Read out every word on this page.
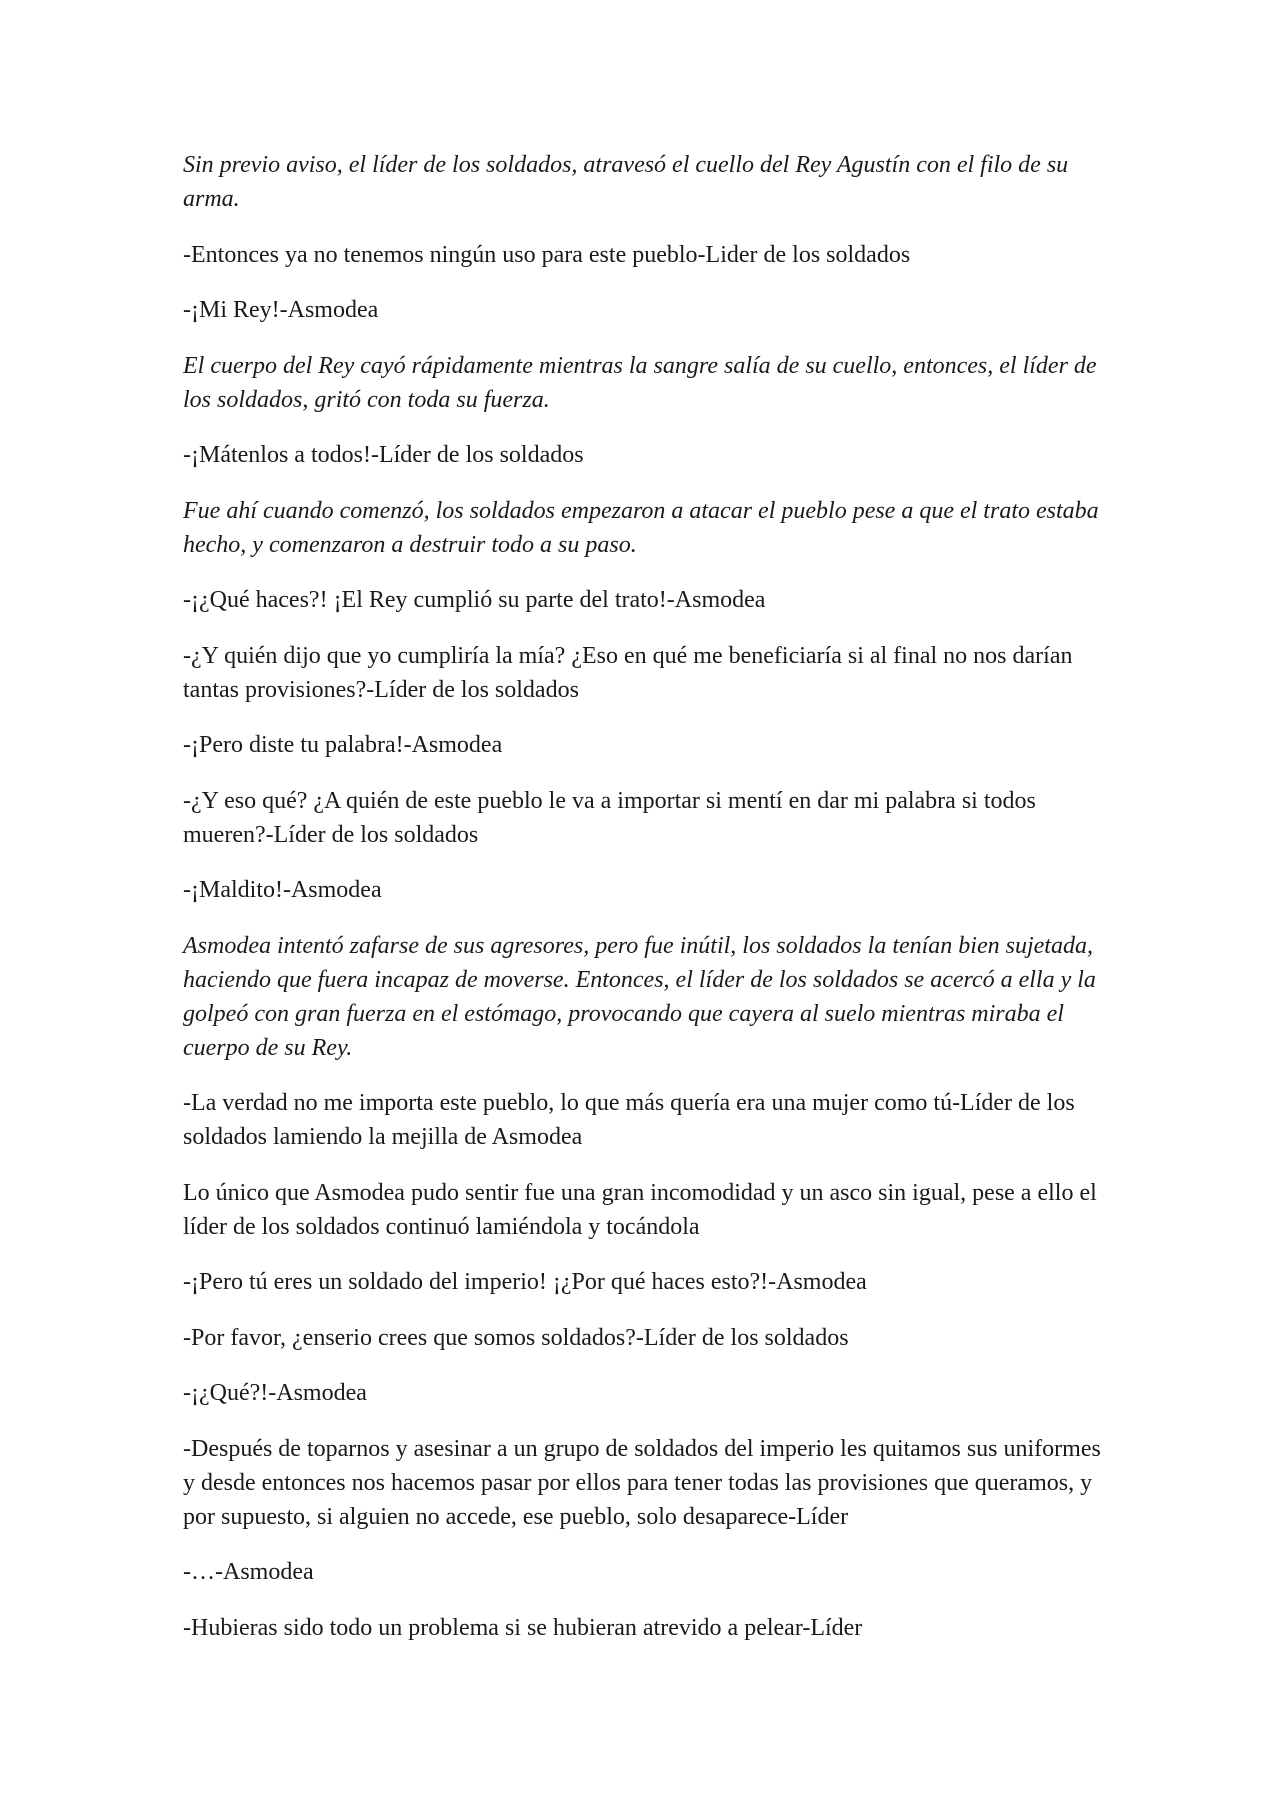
Sin previo aviso, el líder de los soldados, atravesó el cuello del Rey Agustín con el filo de su arma.

-Entonces ya no tenemos ningún uso para este pueblo-Lider de los soldados

-¡Mi Rey!-Asmodea

El cuerpo del Rey cayó rápidamente mientras la sangre salía de su cuello, entonces, el líder de los soldados, gritó con toda su fuerza.

-¡Mátenlos a todos!-Líder de los soldados

Fue ahí cuando comenzó, los soldados empezaron a atacar el pueblo pese a que el trato estaba hecho, y comenzaron a destruir todo a su paso.

-¡¿Qué haces?! ¡El Rey cumplió su parte del trato!-Asmodea

-¿Y quién dijo que yo cumpliría la mía? ¿Eso en qué me beneficiaría si al final no nos darían tantas provisiones?-Líder de los soldados

-¡Pero diste tu palabra!-Asmodea

-¿Y eso qué? ¿A quién de este pueblo le va a importar si mentí en dar mi palabra si todos mueren?-Líder de los soldados

-¡Maldito!-Asmodea

Asmodea intentó zafarse de sus agresores, pero fue inútil, los soldados la tenían bien sujetada, haciendo que fuera incapaz de moverse. Entonces, el líder de los soldados se acercó a ella y la golpeó con gran fuerza en el estómago, provocando que cayera al suelo mientras miraba el cuerpo de su Rey.

-La verdad no me importa este pueblo, lo que más quería era una mujer como tú-Líder de los soldados lamiendo la mejilla de Asmodea

Lo único que Asmodea pudo sentir fue una gran incomodidad y un asco sin igual, pese a ello el líder de los soldados continuó lamiéndola y tocándola

-¡Pero tú eres un soldado del imperio! ¡¿Por qué haces esto?!-Asmodea

-Por favor, ¿enserio crees que somos soldados?-Líder de los soldados

-¡¿Qué?!-Asmodea

-Después de toparnos y asesinar a un grupo de soldados del imperio les quitamos sus uniformes y desde entonces nos hacemos pasar por ellos para tener todas las provisiones que queramos, y por supuesto, si alguien no accede, ese pueblo, solo desaparece-Líder

-…-Asmodea

-Hubieras sido todo un problema si se hubieran atrevido a pelear-Líder
